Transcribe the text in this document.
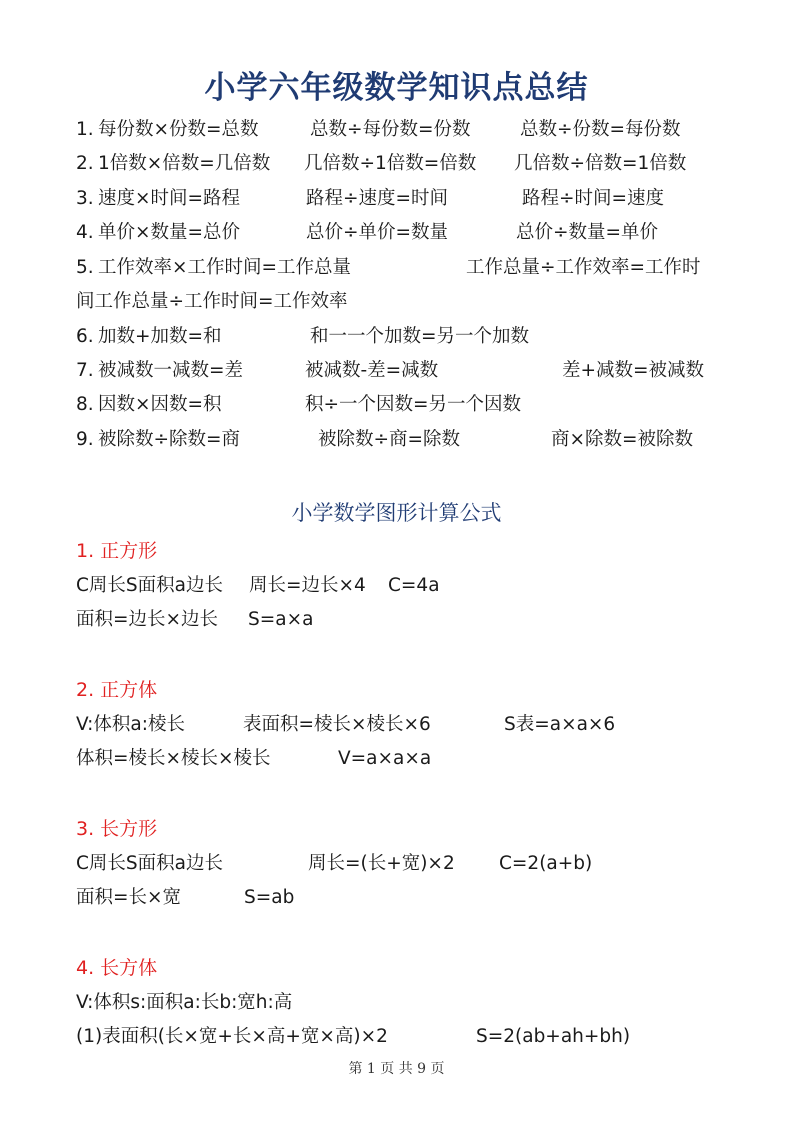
小学六年级数学知识点总结
1. 每份数×份数=总数	总数÷每份数=份数	总数÷份数=每份数
2. 1倍数×倍数=几倍数 几倍数÷1倍数=倍数 几倍数÷倍数=1倍数
3. 速度×时间=路程	路程÷速度=时间	路程÷时间=速度
4. 单价×数量=总价	总价÷单价=数量	总价÷数量=单价
5. 工作效率×工作时间=工作总量	工作总量÷工作效率=工作时
间工作总量÷工作时间=工作效率
6. 加数+加数=和	和一一个加数=另一个加数
7. 被减数一减数=差	被减数-差=减数	差+减数=被减数
8. 因数×因数=积	积÷一个因数=另一个因数
9. 被除数÷除数=商	被除数÷商=除数	商×除数=被除数
小学数学图形计算公式
1. 正方形
C周长S面积a边长 周长=边长×4 C=4a
面积=边长×边长 S=a×a
2. 正方体
V:体积a:棱长	表面积=棱长×棱长×6	S表=a×a×6
体积=棱长×棱长×棱长	V=a×a×a
3. 长方形
C周长S面积a边长	周长=(长+宽)×2 C=2(a+b)
面积=长×宽	S=ab
4. 长方体
V:体积s:面积a:长b:宽h:高
(1)表面积(长×宽+长×高+宽×高)×2	S=2(ab+ah+bh)
第 1 页 共 9 页
